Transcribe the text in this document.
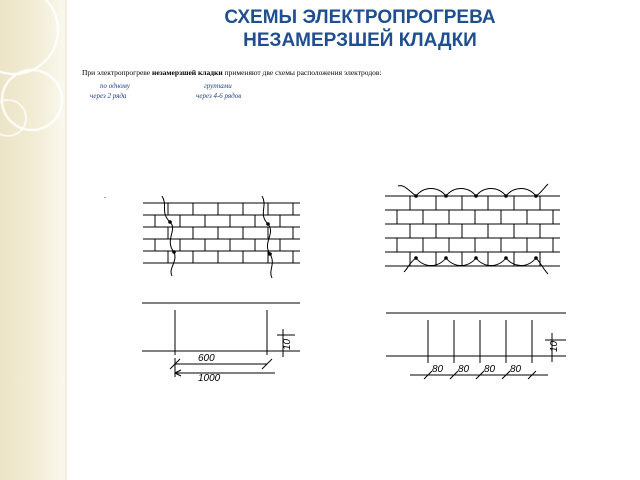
СХЕМЫ ЭЛЕКТРОПРОГРЕВА
НЕЗАМЕРЗШЕЙ КЛАДКИ
При электропрогреве незамерзшей кладки применяют две схемы расположения электродов:
по одному
через 2 ряда
группами
через 4-6 рядов
.
10
600
1000
80 80 80 80
10
